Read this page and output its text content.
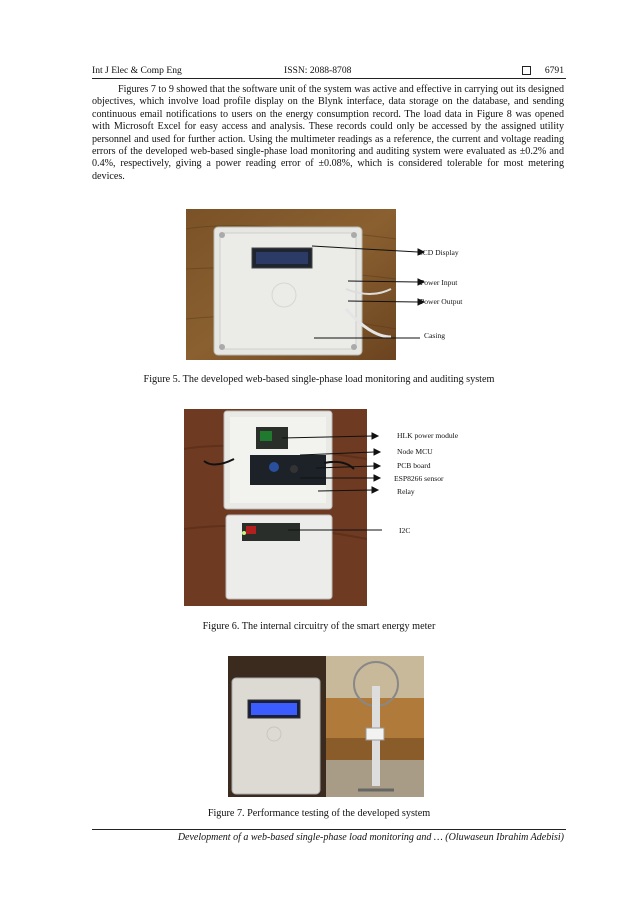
Int J Elec & Comp Eng	ISSN: 2088-8708	6791
Figures 7 to 9 showed that the software unit of the system was active and effective in carrying out its designed objectives, which involve load profile display on the Blynk interface, data storage on the database, and sending continuous email notifications to users on the energy consumption record. The load data in Figure 8 was opened with Microsoft Excel for easy access and analysis. These records could only be accessed by the assigned utility personnel and used for further action. Using the multimeter readings as a reference, the current and voltage reading errors of the developed web-based single-phase load monitoring and auditing system were evaluated as ±0.2% and 0.4%, respectively, giving a power reading error of ±0.08%, which is considered tolerable for most metering devices.
LCD Display
Power Input
Power Output
Casing
Figure 5. The developed web-based single-phase load monitoring and auditing system
HLK power module
Node MCU
PCB board
ESP8266 sensor
Relay
I2C
Figure 6. The internal circuitry of the smart energy meter
Figure 7. Performance testing of the developed system
Development of a web-based single-phase load monitoring and … (Oluwaseun Ibrahim Adebisi)
